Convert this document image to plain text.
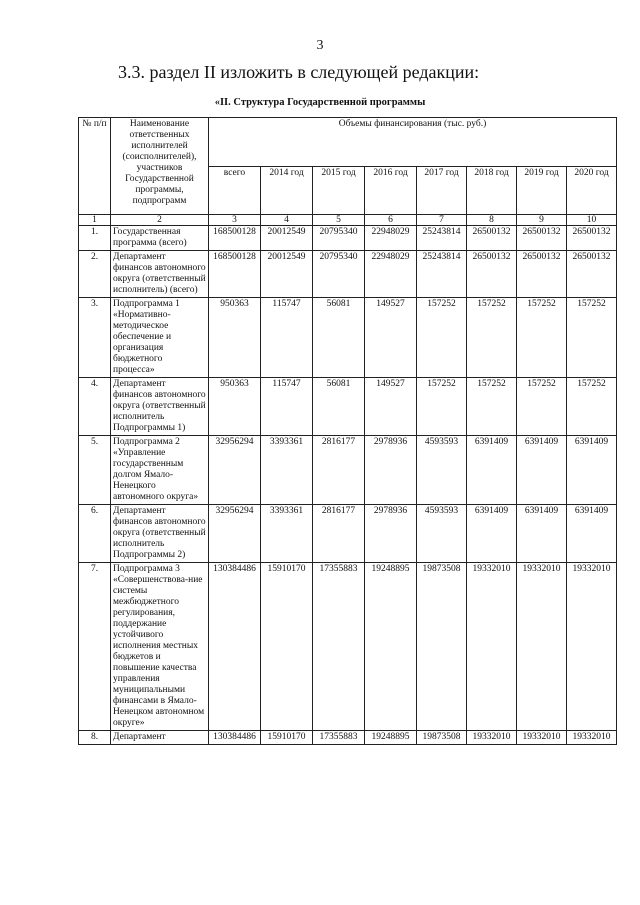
3
3.3. раздел II изложить в следующей редакции:
«II. Структура Государственной программы
№ п/п	Наименование ответственных исполнителей (соисполнителей), участников Государственной программы, подпрограмм	Объемы финансирования (тыс. руб.)							
		всего	2014 год	2015 год	2016 год	2017 год	2018 год	2019 год	2020 год
1	2	3	4	5	6	7	8	9	10
1.	Государственная программа (всего)	168500128	20012549	20795340	22948029	25243814	26500132	26500132	26500132
2.	Департамент финансов автономного округа (ответственный исполнитель) (всего)	168500128	20012549	20795340	22948029	25243814	26500132	26500132	26500132
3.	Подпрограмма 1 «Нормативно-методическое обеспечение и организация бюджетного процесса»	950363	115747	56081	149527	157252	157252	157252	157252
4.	Департамент финансов автономного округа (ответственный исполнитель Подпрограммы 1)	950363	115747	56081	149527	157252	157252	157252	157252
5.	Подпрограмма 2 «Управление государственным долгом Ямало-Ненецкого автономного округа»	32956294	3393361	2816177	2978936	4593593	6391409	6391409	6391409
6.	Департамент финансов автономного округа (ответственный исполнитель Подпрограммы 2)	32956294	3393361	2816177	2978936	4593593	6391409	6391409	6391409
7.	Подпрограмма 3 «Совершенствова-ние системы межбюджетного регулирования, поддержание устойчивого исполнения местных бюджетов и повышение качества управления муниципальными финансами в Ямало-Ненецком автономном округе»	130384486	15910170	17355883	19248895	19873508	19332010	19332010	19332010
8.	Департамент	130384486	15910170	17355883	19248895	19873508	19332010	19332010	19332010
